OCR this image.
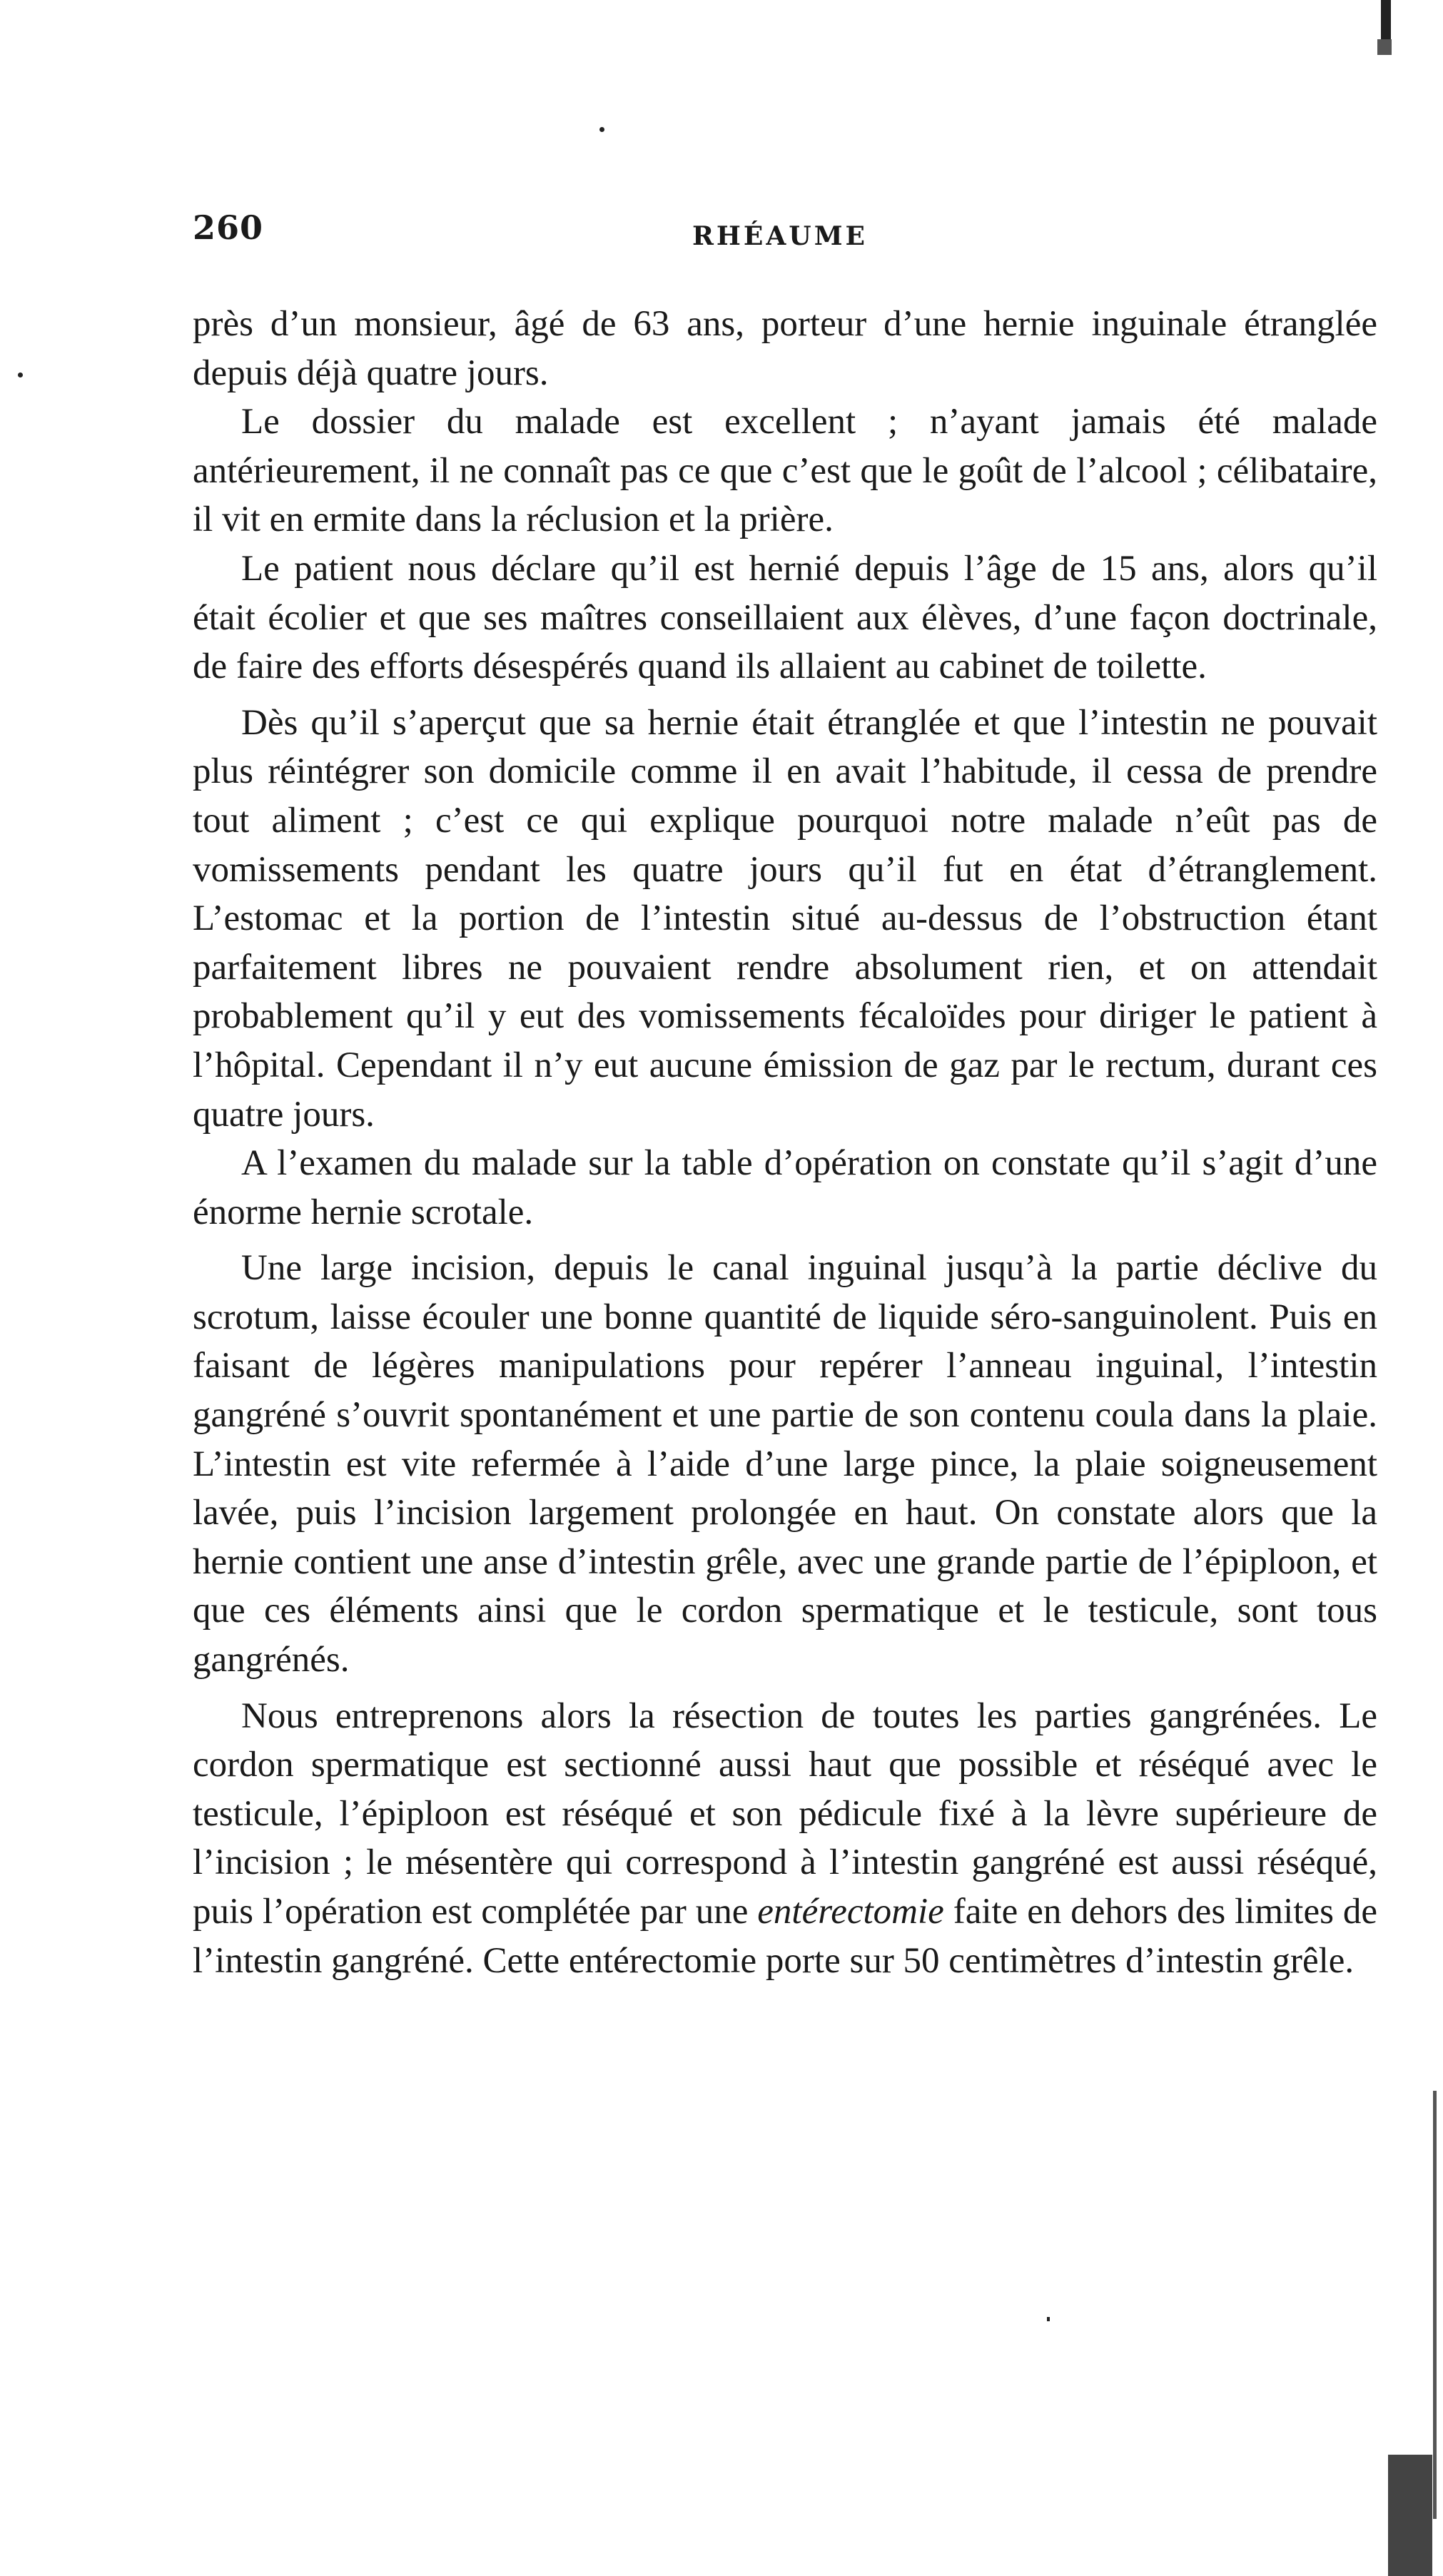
260	RHÉAUME

près d’un monsieur, âgé de 63 ans, porteur d’une hernie inguinale étranglée depuis déjà quatre jours.

Le dossier du malade est excellent ; n’ayant jamais été malade antérieurement, il ne connaît pas ce que c’est que le goût de l’alcool ; célibataire, il vit en ermite dans la réclusion et la prière.

Le patient nous déclare qu’il est hernié depuis l’âge de 15 ans, alors qu’il était écolier et que ses maîtres conseillaient aux élèves, d’une façon doctrinale, de faire des efforts désespérés quand ils allaient au cabinet de toilette.

Dès qu’il s’aperçut que sa hernie était étranglée et que l’intestin ne pouvait plus réintégrer son domicile comme il en avait l’habitude, il cessa de prendre tout aliment ; c’est ce qui explique pourquoi notre malade n’eût pas de vomissements pendant les quatre jours qu’il fut en état d’étranglement. L’estomac et la portion de l’intestin situé au-dessus de l’obstruction étant parfaitement libres ne pouvaient rendre absolument rien, et on attendait probablement qu’il y eut des vomissements fécaloïdes pour diriger le patient à l’hôpital. Cependant il n’y eut aucune émission de gaz par le rectum, durant ces quatre jours.

A l’examen du malade sur la table d’opération on constate qu’il s’agit d’une énorme hernie scrotale.

Une large incision, depuis le canal inguinal jusqu’à la partie déclive du scrotum, laisse écouler une bonne quantité de liquide séro-sanguinolent. Puis en faisant de légères manipulations pour repérer l’anneau inguinal, l’intestin gangréné s’ouvrit spontanément et une partie de son contenu coula dans la plaie. L’intestin est vite refermée à l’aide d’une large pince, la plaie soigneusement lavée, puis l’incision largement prolongée en haut. On constate alors que la hernie contient une anse d’intestin grêle, avec une grande partie de l’épiploon, et que ces éléments ainsi que le cordon spermatique et le testicule, sont tous gangrénés.

Nous entreprenons alors la résection de toutes les parties gangrénées. Le cordon spermatique est sectionné aussi haut que possible et réséqué avec le testicule, l’épiploon est réséqué et son pédicule fixé à la lèvre supérieure de l’incision ; le mésentère qui correspond à l’intestin gangréné est aussi réséqué, puis l’opération est complétée par une entérectomie faite en dehors des limites de l’intestin gangréné. Cette entérectomie porte sur 50 centimètres d’intestin grêle.
